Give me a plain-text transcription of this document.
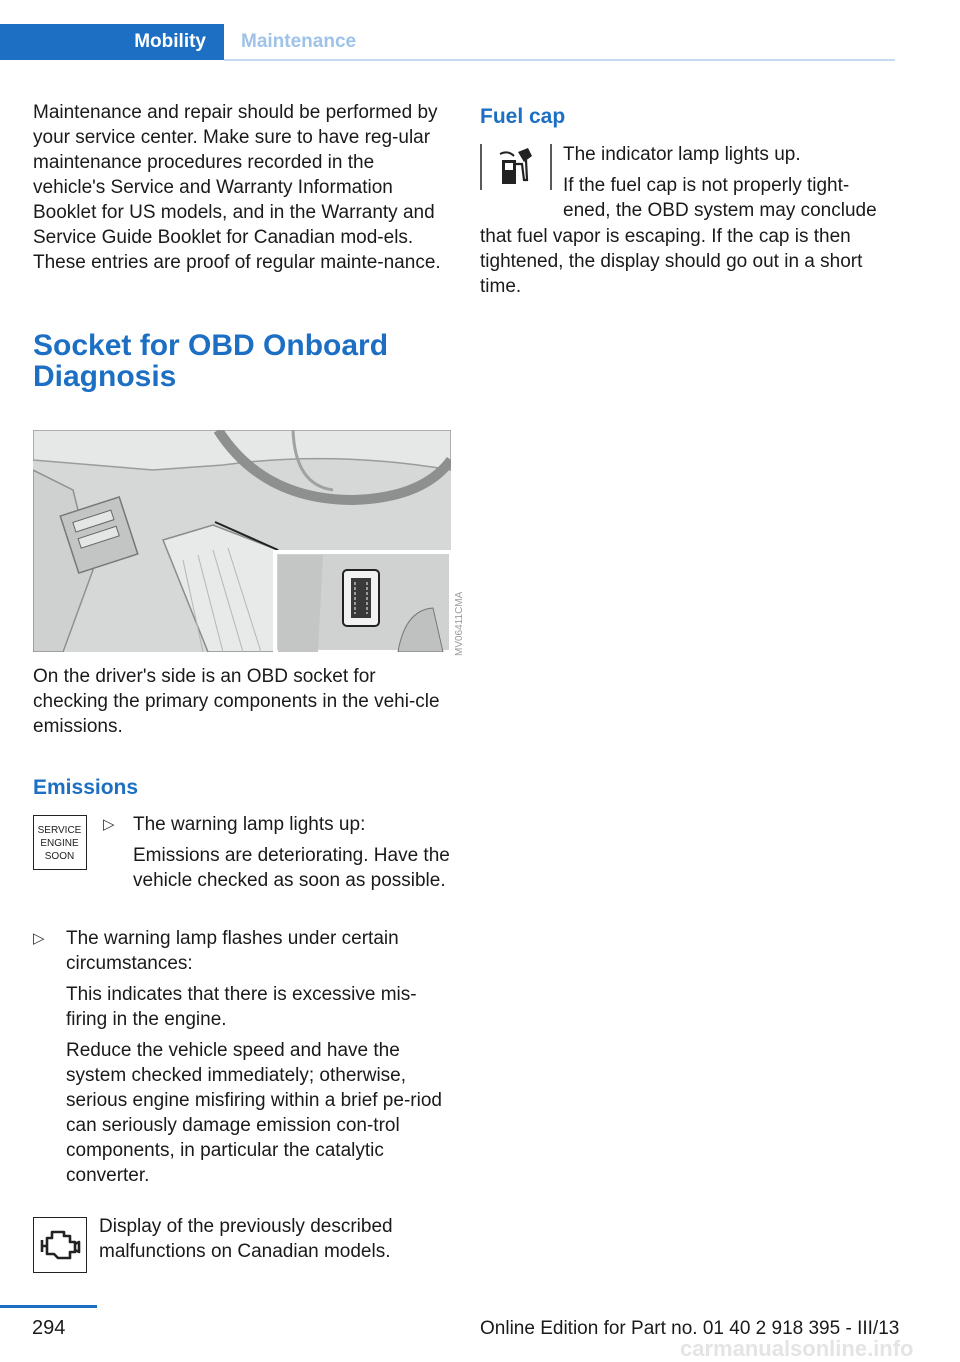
Mobility	Maintenance

Maintenance and repair should be performed by your service center. Make sure to have reg‐ular maintenance procedures recorded in the vehicle's Service and Warranty Information Booklet for US models, and in the Warranty and Service Guide Booklet for Canadian mod‐els. These entries are proof of regular mainte‐nance.

Socket for OBD Onboard Diagnosis
MV06411CMA

On the driver's side is an OBD socket for checking the primary components in the vehi‐cle emissions.

Emissions
SERVICE
ENGINE
SOON
▷ The warning lamp lights up:

Emissions are deteriorating. Have the vehicle checked as soon as possible.

▷ The warning lamp flashes under certain circumstances:

This indicates that there is excessive mis‐firing in the engine.

Reduce the vehicle speed and have the system checked immediately; otherwise, serious engine misfiring within a brief pe‐riod can seriously damage emission con‐trol components, in particular the catalytic converter.

Display of the previously described malfunctions on Canadian models.

Fuel cap

The indicator lamp lights up.

If the fuel cap is not properly tight‐ened, the OBD system may conclude

that fuel vapor is escaping. If the cap is then tightened, the display should go out in a short time.

294	Online Edition for Part no. 01 40 2 918 395 - III/13
carmanualsonline.info
